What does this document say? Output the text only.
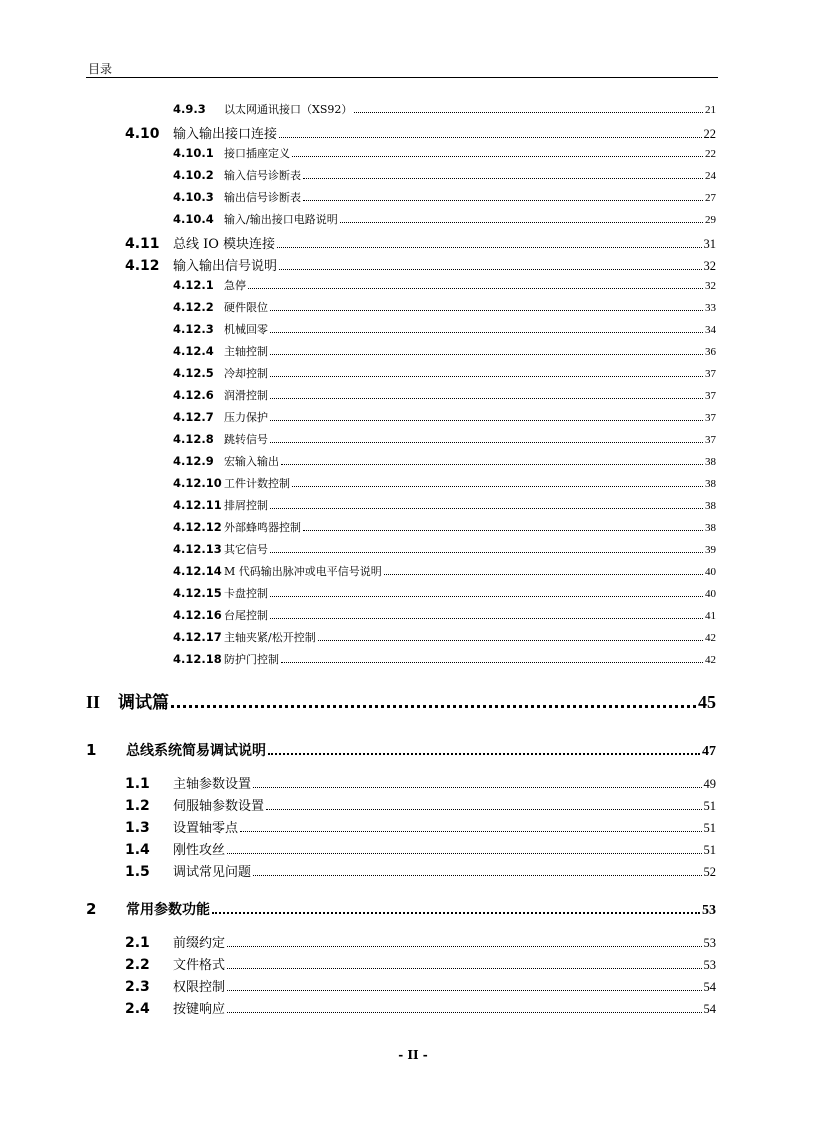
目录
4.9.3	以太网通讯接口（XS92）	21
4.10	输入输出接口连接	22
4.10.1 接口插座定义	22
4.10.2 输入信号诊断表	24
4.10.3 输出信号诊断表	27
4.10.4 输入/输出接口电路说明	29
4.11	总线 IO 模块连接	31
4.12	输入输出信号说明	32
4.12.1 急停	32
4.12.2 硬件限位	33
4.12.3 机械回零	34
4.12.4 主轴控制	36
4.12.5 冷却控制	37
4.12.6 润滑控制	37
4.12.7 压力保护	37
4.12.8 跳转信号	37
4.12.9 宏输入输出	38
4.12.10 工件计数控制	38
4.12.11 排屑控制	38
4.12.12 外部蜂鸣器控制	38
4.12.13 其它信号	39
4.12.14 M 代码输出脉冲或电平信号说明	40
4.12.15 卡盘控制	40
4.12.16 台尾控制	41
4.12.17 主轴夹紧/松开控制	42
4.12.18 防护门控制	42
II	调试篇	45
1	总线系统简易调试说明	47
1.1	主轴参数设置	49
1.2	伺服轴参数设置	51
1.3	设置轴零点	51
1.4	刚性攻丝	51
1.5	调试常见问题	52
2	常用参数功能	53
2.1	前缀约定	53
2.2	文件格式	53
2.3	权限控制	54
2.4	按键响应	54
- II -
